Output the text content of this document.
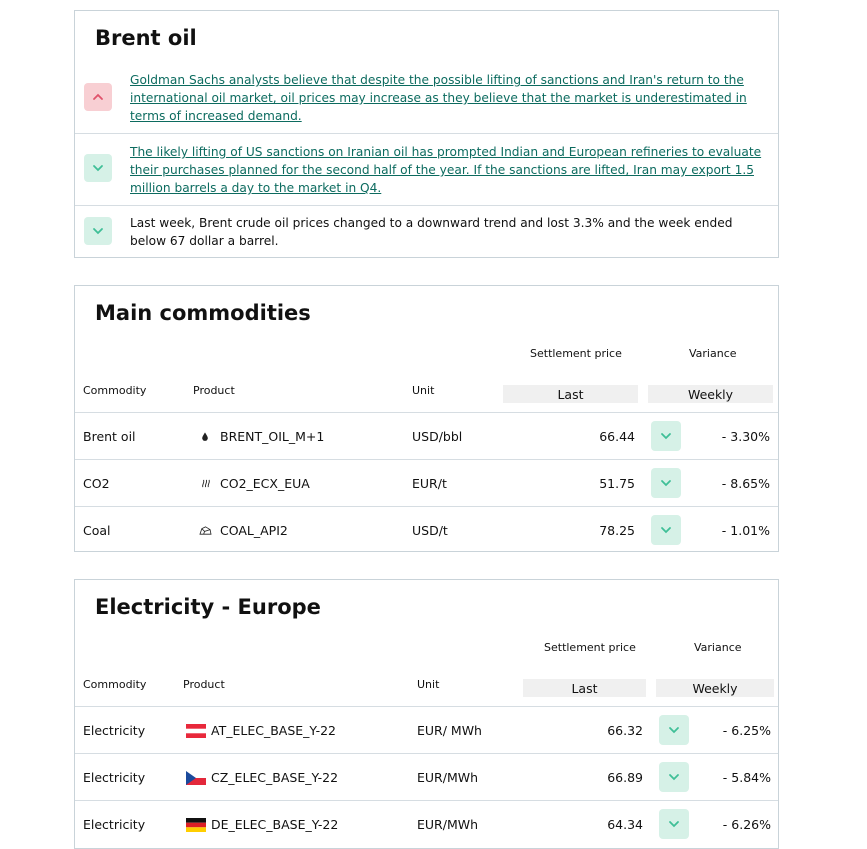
Brent oil
Goldman Sachs analysts believe that despite the possible lifting of sanctions and Iran's return to the international oil market, oil prices may increase as they believe that the market is underestimated in terms of increased demand.
The likely lifting of US sanctions on Iranian oil has prompted Indian and European refineries to evaluate their purchases planned for the second half of the year. If the sanctions are lifted, Iran may export 1.5 million barrels a day to the market in Q4.
Last week, Brent crude oil prices changed to a downward trend and lost 3.3% and the week ended below 67 dollar a barrel.
Main commodities
Settlement price	Variance
Commodity	Product	Unit	Last	Weekly
Brent oil	BRENT_OIL_M+1	USD/bbl	66.44	- 3.30%
CO2	CO2_ECX_EUA	EUR/t	51.75	- 8.65%
Coal	COAL_API2	USD/t	78.25	- 1.01%
Electricity - Europe
Settlement price	Variance
Commodity	Product	Unit	Last	Weekly
Electricity	AT_ELEC_BASE_Y-22	EUR/ MWh	66.32	- 6.25%
Electricity	CZ_ELEC_BASE_Y-22	EUR/MWh	66.89	- 5.84%
Electricity	DE_ELEC_BASE_Y-22	EUR/MWh	64.34	- 6.26%
